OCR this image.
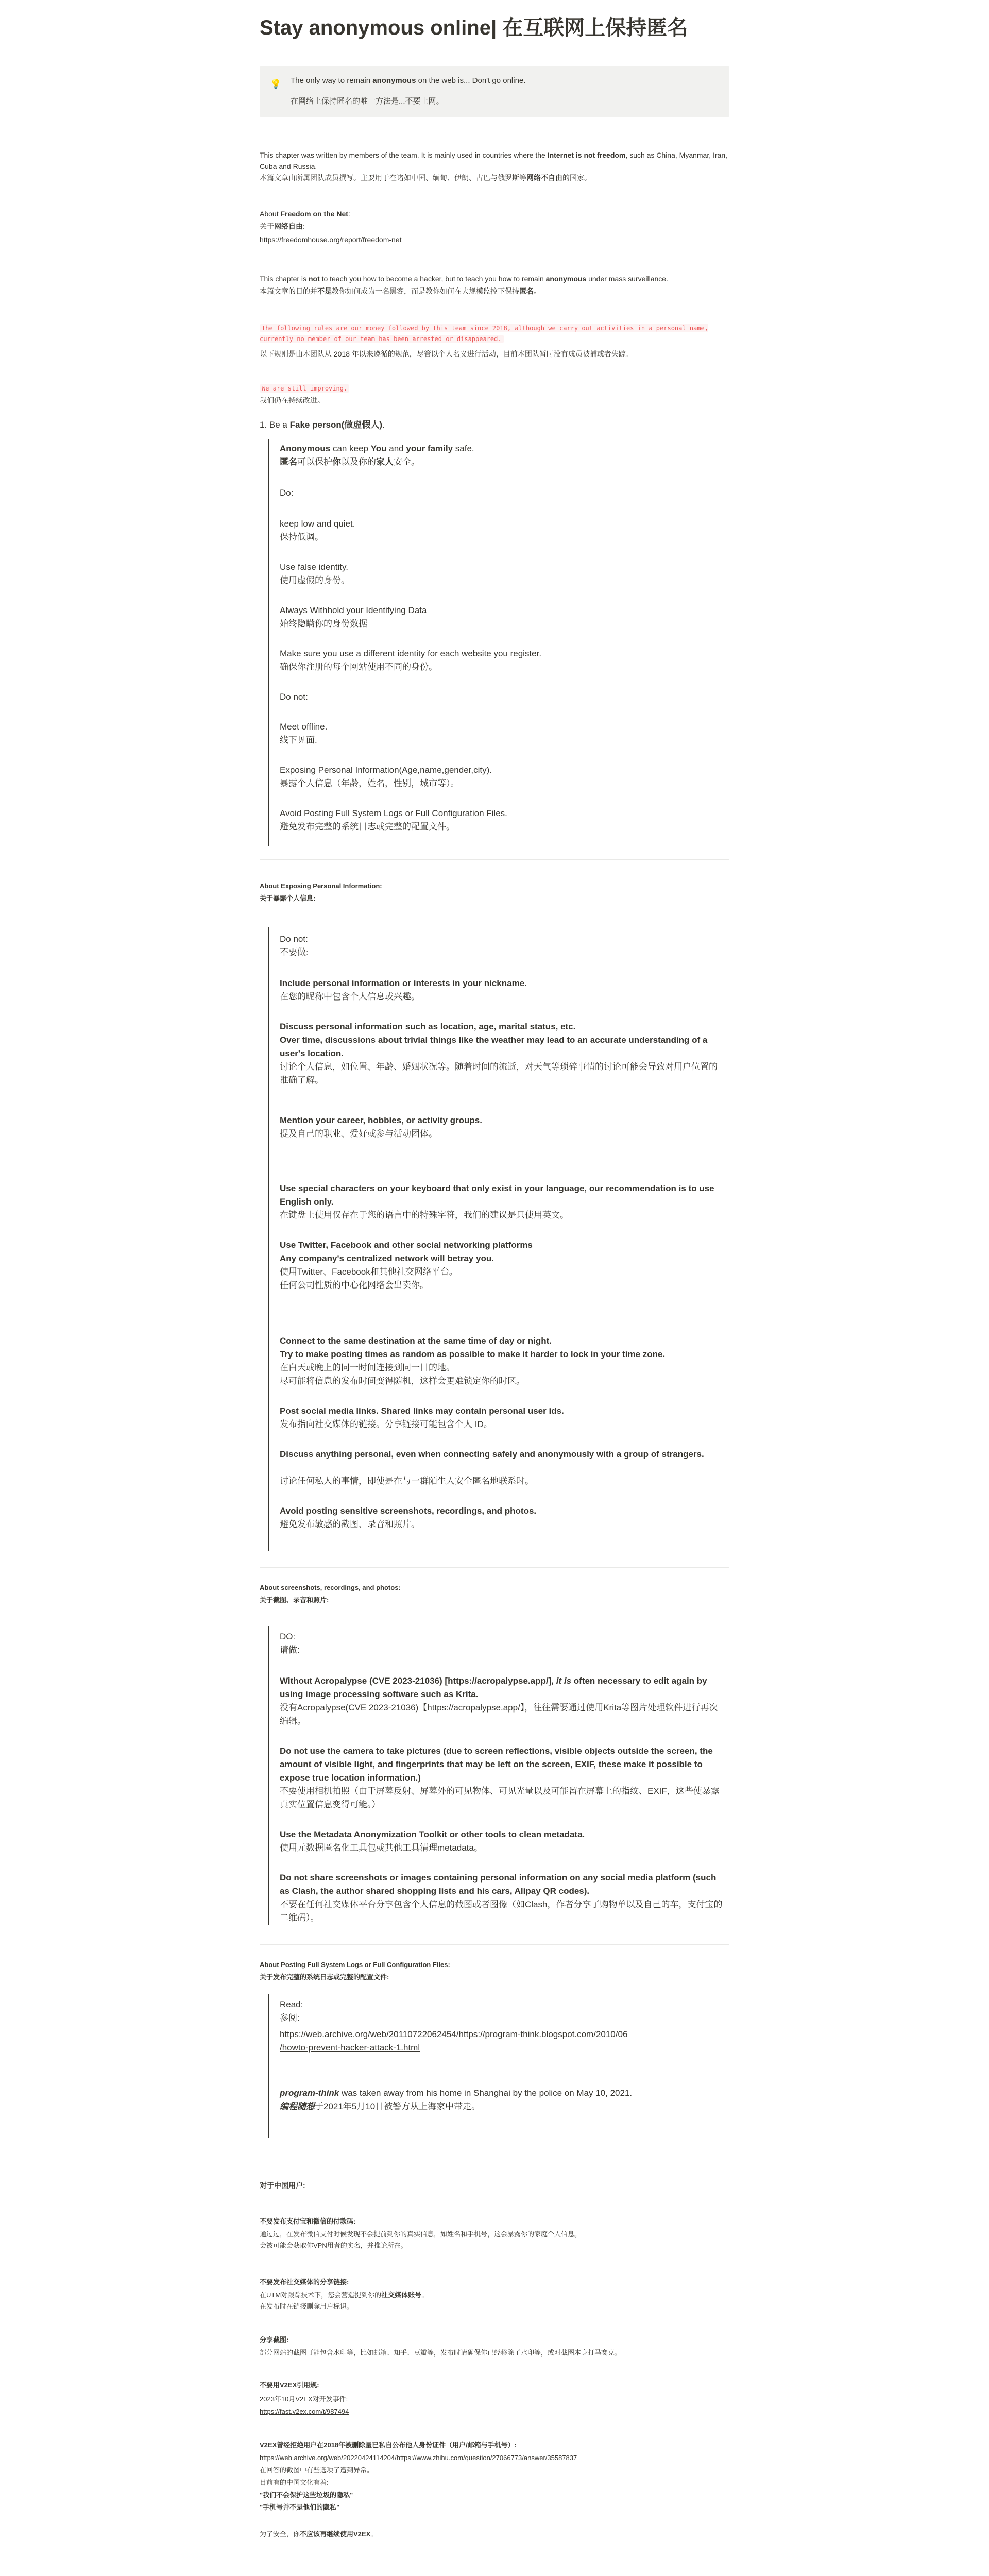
Stay anonymous online| 在互联网上保持匿名
💡 The only way to remain anonymous on the web is... Don't go online.
在网络上保持匿名的唯一方法是...不要上网。

This chapter was written by members of the team. It is mainly used in countries where the Internet is not freedom, such as China, Myanmar, Iran, Cuba and Russia.

本篇文章由所属团队成员撰写。主要用于在诸如中国、缅甸、伊朗、古巴与俄罗斯等网络不自由的国家。

About Freedom on the Net:

关于网络自由:

https://freedomhouse.org/report/freedom-net

This chapter is not to teach you how to become a hacker, but to teach you how to remain anonymous under mass surveillance.

本篇文章的目的并不是教你如何成为一名黑客，而是教你如何在大规模监控下保持匿名。

The following rules are our money followed by this team since 2018, although we carry out activities in a personal name, currently no member of our team has been arrested or disappeared.

以下规则是由本团队从 2018 年以来遵循的规范，尽管以个人名义进行活动，目前本团队暂时没有成员被捕或者失踪。

We are still improving.

我们仍在持续改进。

1. Be a Fake person(做虚假人).

Anonymous can keep You and your family safe.

匿名可以保护你以及你的家人安全。

Do:

keep low and quiet.

保持低调。

Use false identity.

使用虚假的身份。

Always Withhold your Identifying Data

始终隐瞒你的身份数据

Make sure you use a different identity for each website you register.

确保你注册的每个网站使用不同的身份。

Do not:

Meet offline.

线下见面.

Exposing Personal Information(Age,name,gender,city).

暴露个人信息（年龄，姓名，性别，城市等）。

Avoid Posting Full System Logs or Full Configuration Files.

避免发布完整的系统日志或完整的配置文件。

About Exposing Personal Information:

关于暴露个人信息:

Do not:

不要做:

Include personal information or interests in your nickname.

在您的昵称中包含个人信息或兴趣。

Discuss personal information such as location, age, marital status, etc.

Over time, discussions about trivial things like the weather may lead to an accurate understanding of a user's location.

讨论个人信息，如位置、年龄、婚姻状况等。随着时间的流逝，对天气等琐碎事情的讨论可能会导致对用户位置的准确了解。

Mention your career, hobbies, or activity groups.

提及自己的职业、爱好或参与活动团体。

Use special characters on your keyboard that only exist in your language, our recommendation is to use English only.

在键盘上使用仅存在于您的语言中的特殊字符，我们的建议是只使用英文。

Use Twitter, Facebook and other social networking platforms

Any company's centralized network will betray you.

使用Twitter、Facebook和其他社交网络平台。

任何公司性质的中心化网络会出卖你。

Connect to the same destination at the same time of day or night.

Try to make posting times as random as possible to make it harder to lock in your time zone.

在白天或晚上的同一时间连接到同一目的地。

尽可能将信息的发布时间变得随机，这样会更难锁定你的时区。

Post social media links. Shared links may contain personal user ids.

发布指向社交媒体的链接。分享链接可能包含个人 ID。

Discuss anything personal, even when connecting safely and anonymously with a group of strangers.

讨论任何私人的事情，即使是在与一群陌生人安全匿名地联系时。

Avoid posting sensitive screenshots, recordings, and photos.

避免发布敏感的截图、录音和照片。

About screenshots, recordings, and photos:

关于截图、录音和照片:

DO:

请做:

Without Acropalypse (CVE 2023-21036) [https://acropalypse.app/], it is often necessary to edit again by using image processing software such as Krita.

没有Acropalypse(CVE 2023-21036)【https://acropalypse.app/】，往往需要通过使用Krita等图片处理软件进行再次编辑。

Do not use the camera to take pictures (due to screen reflections, visible objects outside the screen, the amount of visible light, and fingerprints that may be left on the screen, EXIF, these make it possible to expose true location information.)

不要使用相机拍照（由于屏幕反射、屏幕外的可见物体、可见光量以及可能留在屏幕上的指纹、EXIF，这些使暴露真实位置信息变得可能。）

Use the Metadata Anonymization Toolkit or other tools to clean metadata.

使用元数据匿名化工具包或其他工具清理metadata。

Do not share screenshots or images containing personal information on any social media platform (such as Clash, the author shared shopping lists and his cars, Alipay QR codes).

不要在任何社交媒体平台分享包含个人信息的截图或者图像（如Clash，作者分享了购物单以及自己的车，支付宝的二维码）。

About Posting Full System Logs or Full Configuration Files:

关于发布完整的系统日志或完整的配置文件:

Read:

参阅:

https://web.archive.org/web/20110722062454/https://program-think.blogspot.com/2010/06
/howto-prevent-hacker-attack-1.html

program-think was taken away from his home in Shanghai by the police on May 10, 2021.

编程随想于2021年5月10日被警方从上海家中带走。

对于中国用户:

不要发布支付宝和微信的付款码:

通过过，在发布微信支付时候发现不会提前到你的真实信息，如姓名和手机号，这会暴露你的家庭个人信息。

会被可能会获取你VPN用者的实名，并推论所在。

不要发布社交媒体的分享链接:

在UTM对跟踪技术下，您会营造提到你的社交媒体账号。

在发布时在链接删除用户标识。

分享截图:

部分网站的截图可能包含水印等，比如邮箱、知乎、豆瓣等，发布时请确保你已经移除了水印等，或对截图本身打马赛克。

不要用V2EX引用规:

2023年10月V2EX对开发事件:

https://fast.v2ex.com/t/987494

V2EX曾经拒绝用户在2018年被删除量已私自公布他人身份证件（用户/邮箱与手机号）:

https://web.archive.org/web/20220424114204/https://www.zhihu.com/question/27066773/answer/35587837

在回答的截图中有些选项了遭到异常。

目前有的中国文化有着:

"我们不会保护这些垃圾的隐私"

"手机号并不是他们的隐私"

为了安全，你不应该再继续使用V2EX。
